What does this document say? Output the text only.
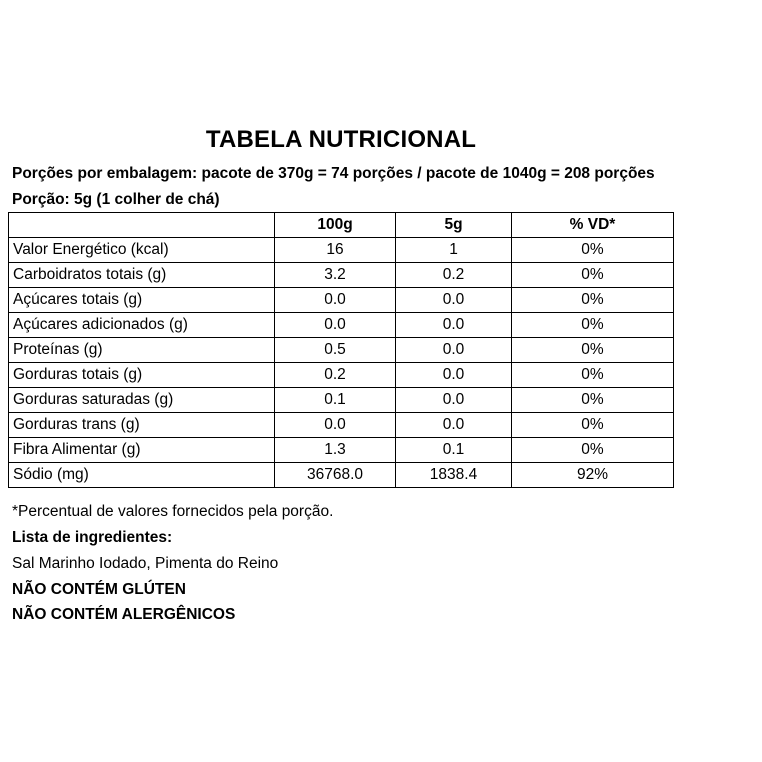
TABELA NUTRICIONAL
Porções por embalagem: pacote de 370g = 74 porções / pacote de 1040g = 208 porções
Porção: 5g (1 colher de chá)
	100g	5g	% VD*
Valor Energético (kcal)	16	1	0%
Carboidratos totais (g)	3.2	0.2	0%
Açúcares totais (g)	0.0	0.0	0%
Açúcares adicionados (g)	0.0	0.0	0%
Proteínas (g)	0.5	0.0	0%
Gorduras totais (g)	0.2	0.0	0%
Gorduras saturadas (g)	0.1	0.0	0%
Gorduras trans (g)	0.0	0.0	0%
Fibra Alimentar (g)	1.3	0.1	0%
Sódio (mg)	36768.0	1838.4	92%
*Percentual de valores fornecidos pela porção.
Lista de ingredientes:
Sal Marinho Iodado, Pimenta do Reino
NÃO CONTÉM GLÚTEN
NÃO CONTÉM ALERGÊNICOS
